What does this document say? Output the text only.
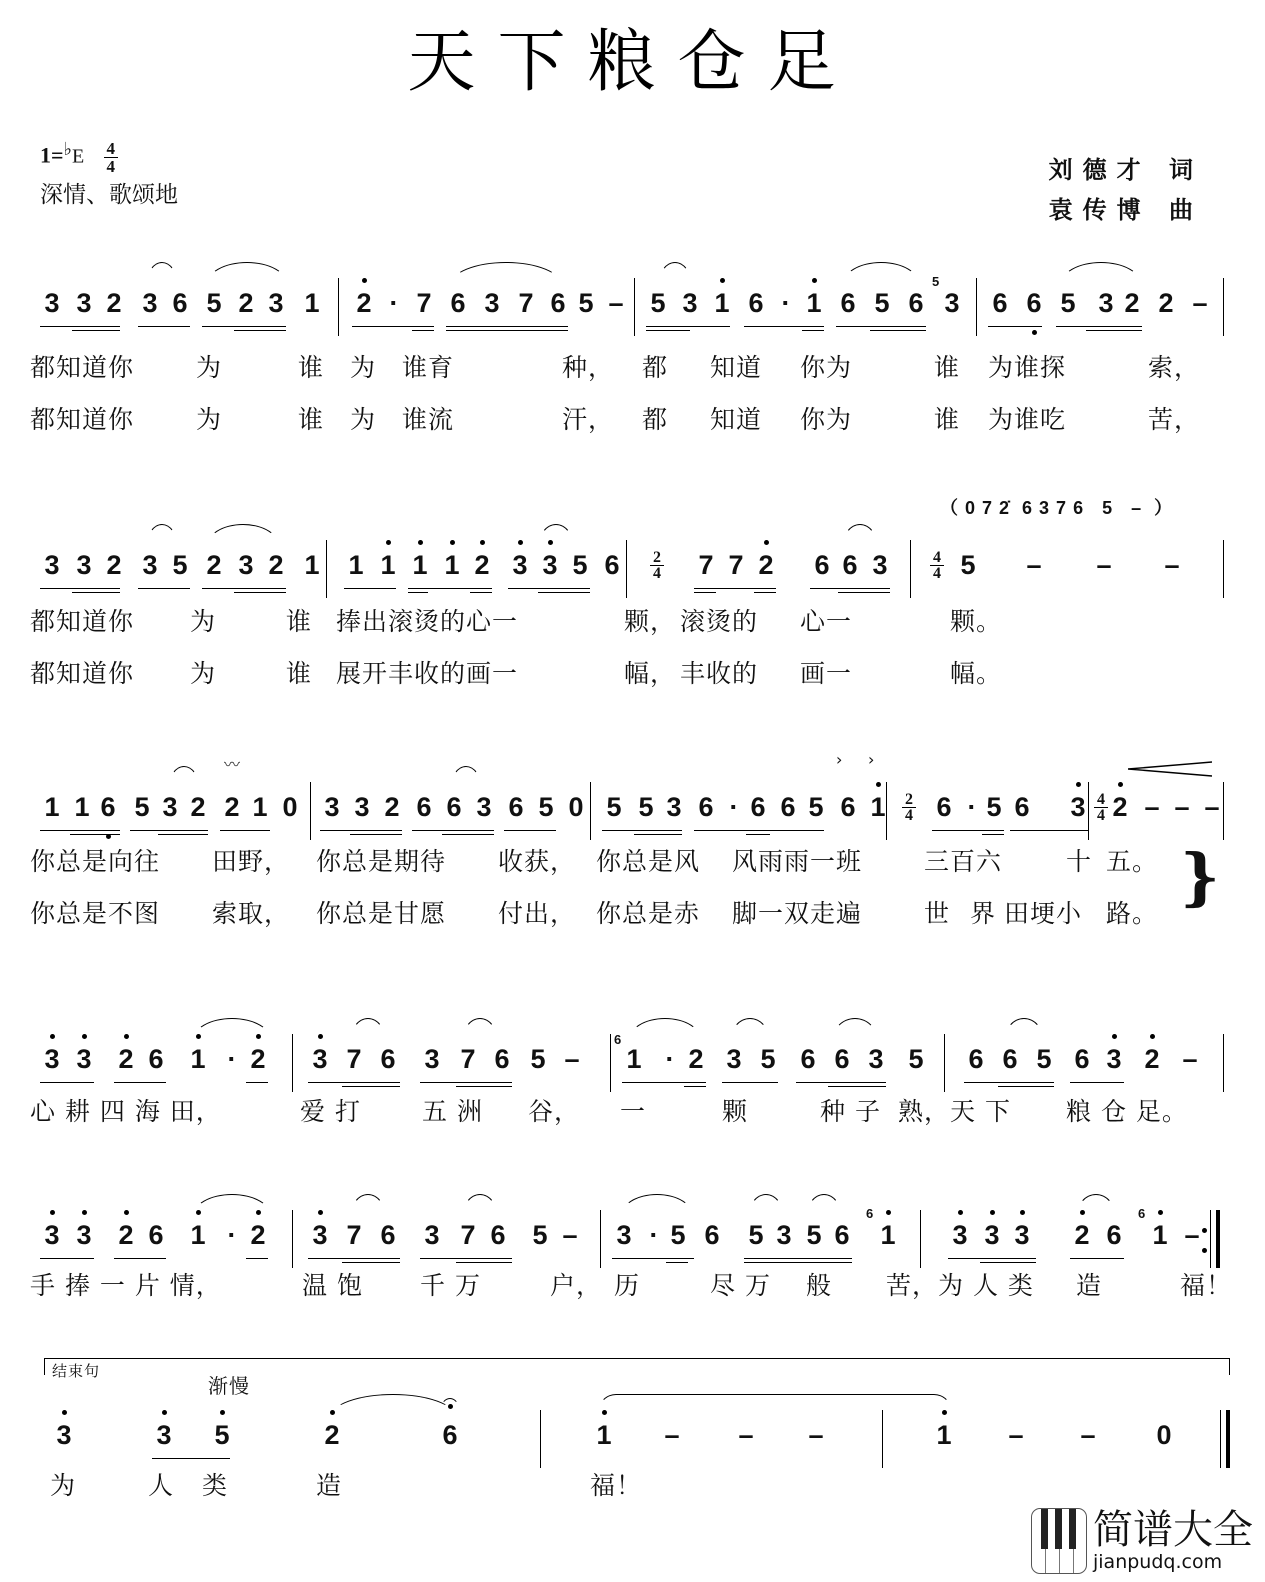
天下粮仓足
$1=^♭E \frac{4}{4}$
深情、歌颂地
刘德才 词
袁传博 曲
3 3 2 3 6 5 2 3 1 2 · 7 6 3 7 6 5 – 5 3 1 6 · 1 6 5 6 3 6 6 5 3 2 2 –
5
都知道你 为	谁 为 谁育	种， 都 知道 你为	谁 为谁探	索，
都知道你 为	谁 为 谁流	汗， 都 知道 你为	谁 为谁吃	苦，
3 3 2 3 5 2 3 2 1 1 1 1 1 2 3 3 5 6	7 7 2 6 6 3	5 – – –
2
4
4
4
（ 0 7 2̇  6 3 7 6   5   –  ）
都知道你 为	谁 捧出滚烫的心一	颗， 滚烫的 心一	颗。
都知道你 为	谁 展开丰收的画一	幅， 丰收的 画一	幅。
1 1 6 5 3 2 2 1 0 3 3 2 6 6 3 6 5 0 5 5 3 6 · 6 6 5 6 1 6 · 5 6 3 2 – – –
2
4
4
4
〰	› ›
你总是向往 田野， 你总是期待 收获， 你总是风 风雨雨一班 三百六	十 五。
你总是不图 索取， 你总是甘愿 付出， 你总是赤 脚一双走遍 世 界 田埂小 路。
}
3 3 2 6 1 · 2 3 7 6 3 7 6 5 – 1 · 2 3 5 6 6 3 5 6 6 5 6 3 2 –
6
心 耕 四 海 田，	爱 打 五 洲 谷， 一	颗	种 子 熟，天 下 粮 仓 足。
3 3 2 6 1 · 2 3 7 6 3 7 6 5 – 3 · 5 6 5 3 5 6 1 3 3 3 2 6 1 –
6	6
手 捧 一 片 情，	温 饱 千 万	户， 历	尽 万 般 苦，为 人 类 造	福！
3	3 5	2	6	1 – – –	1 – – 0
结束句
渐慢
为	人 类	造	福！
简谱大全
jianpudq.com
